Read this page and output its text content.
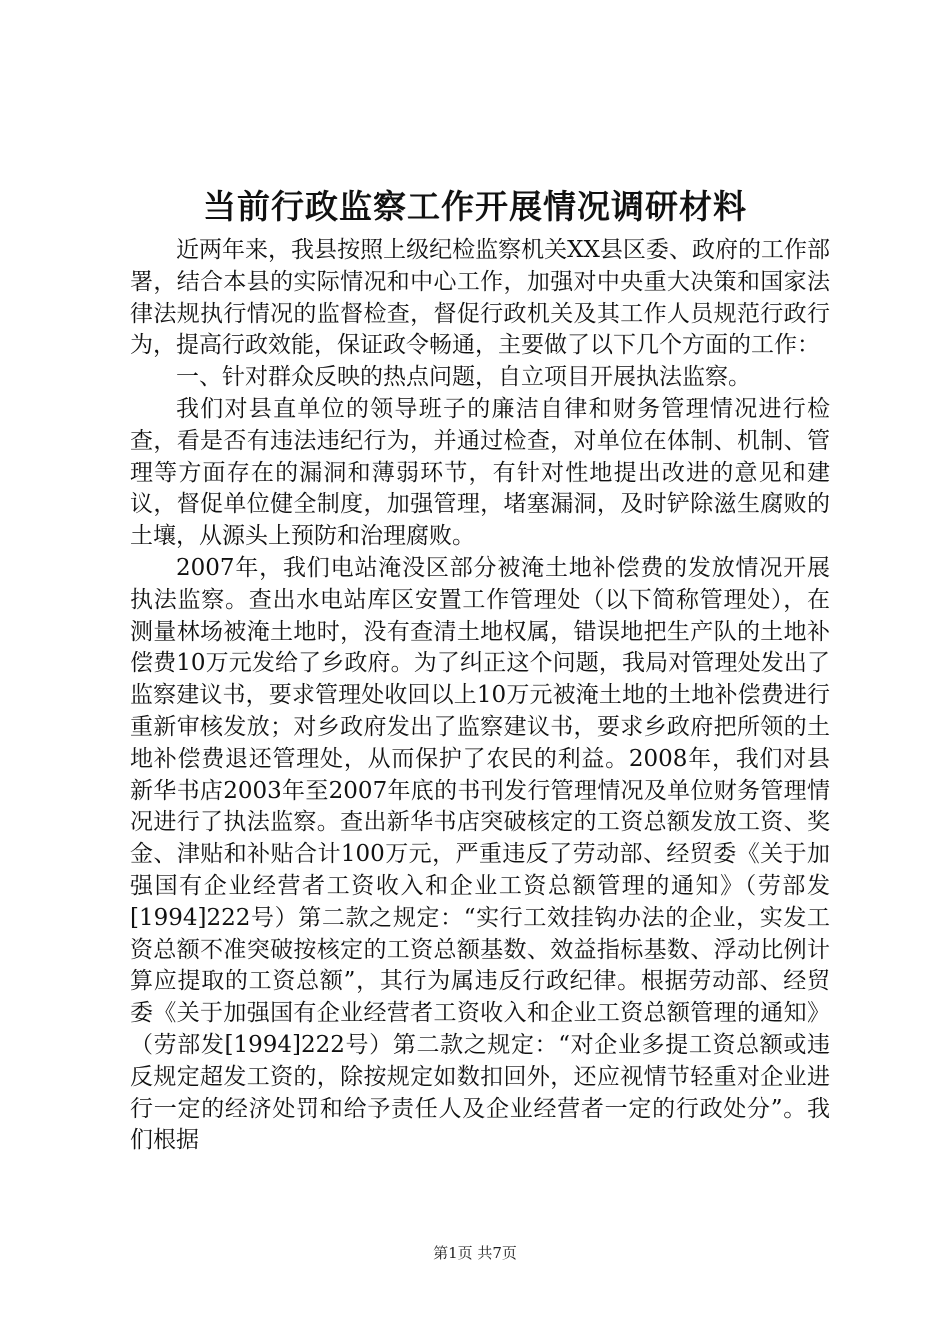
当前行政监察工作开展情况调研材料

近两年来，我县按照上级纪检监察机关XX县区委、政府的工作部署，结合本县的实际情况和中心工作，加强对中央重大决策和国家法律法规执行情况的监督检查，督促行政机关及其工作人员规范行政行为，提高行政效能，保证政令畅通，主要做了以下几个方面的工作：

一、针对群众反映的热点问题，自立项目开展执法监察。

我们对县直单位的领导班子的廉洁自律和财务管理情况进行检查，看是否有违法违纪行为，并通过检查，对单位在体制、机制、管理等方面存在的漏洞和薄弱环节，有针对性地提出改进的意见和建议，督促单位健全制度，加强管理，堵塞漏洞，及时铲除滋生腐败的土壤，从源头上预防和治理腐败。

2007年，我们电站淹没区部分被淹土地补偿费的发放情况开展执法监察。查出水电站库区安置工作管理处（以下简称管理处），在测量林场被淹土地时，没有查清土地权属，错误地把生产队的土地补偿费10万元发给了乡政府。为了纠正这个问题，我局对管理处发出了监察建议书，要求管理处收回以上10万元被淹土地的土地补偿费进行重新审核发放；对乡政府发出了监察建议书，要求乡政府把所领的土地补偿费退还管理处，从而保护了农民的利益。2008年，我们对县新华书店2003年至2007年底的书刊发行管理情况及单位财务管理情况进行了执法监察。查出新华书店突破核定的工资总额发放工资、奖金、津贴和补贴合计100万元，严重违反了劳动部、经贸委《关于加强国有企业经营者工资收入和企业工资总额管理的通知》（劳部发[1994]222号）第二款之规定：“实行工效挂钩办法的企业，实发工资总额不准突破按核定的工资总额基数、效益指标基数、浮动比例计算应提取的工资总额”，其行为属违反行政纪律。根据劳动部、经贸委《关于加强国有企业经营者工资收入和企业工资总额管理的通知》（劳部发[1994]222号）第二款之规定：“对企业多提工资总额或违反规定超发工资的，除按规定如数扣回外，还应视情节轻重对企业进行一定的经济处罚和给予责任人及企业经营者一定的行政处分”。我们根据

第1页 共7页
